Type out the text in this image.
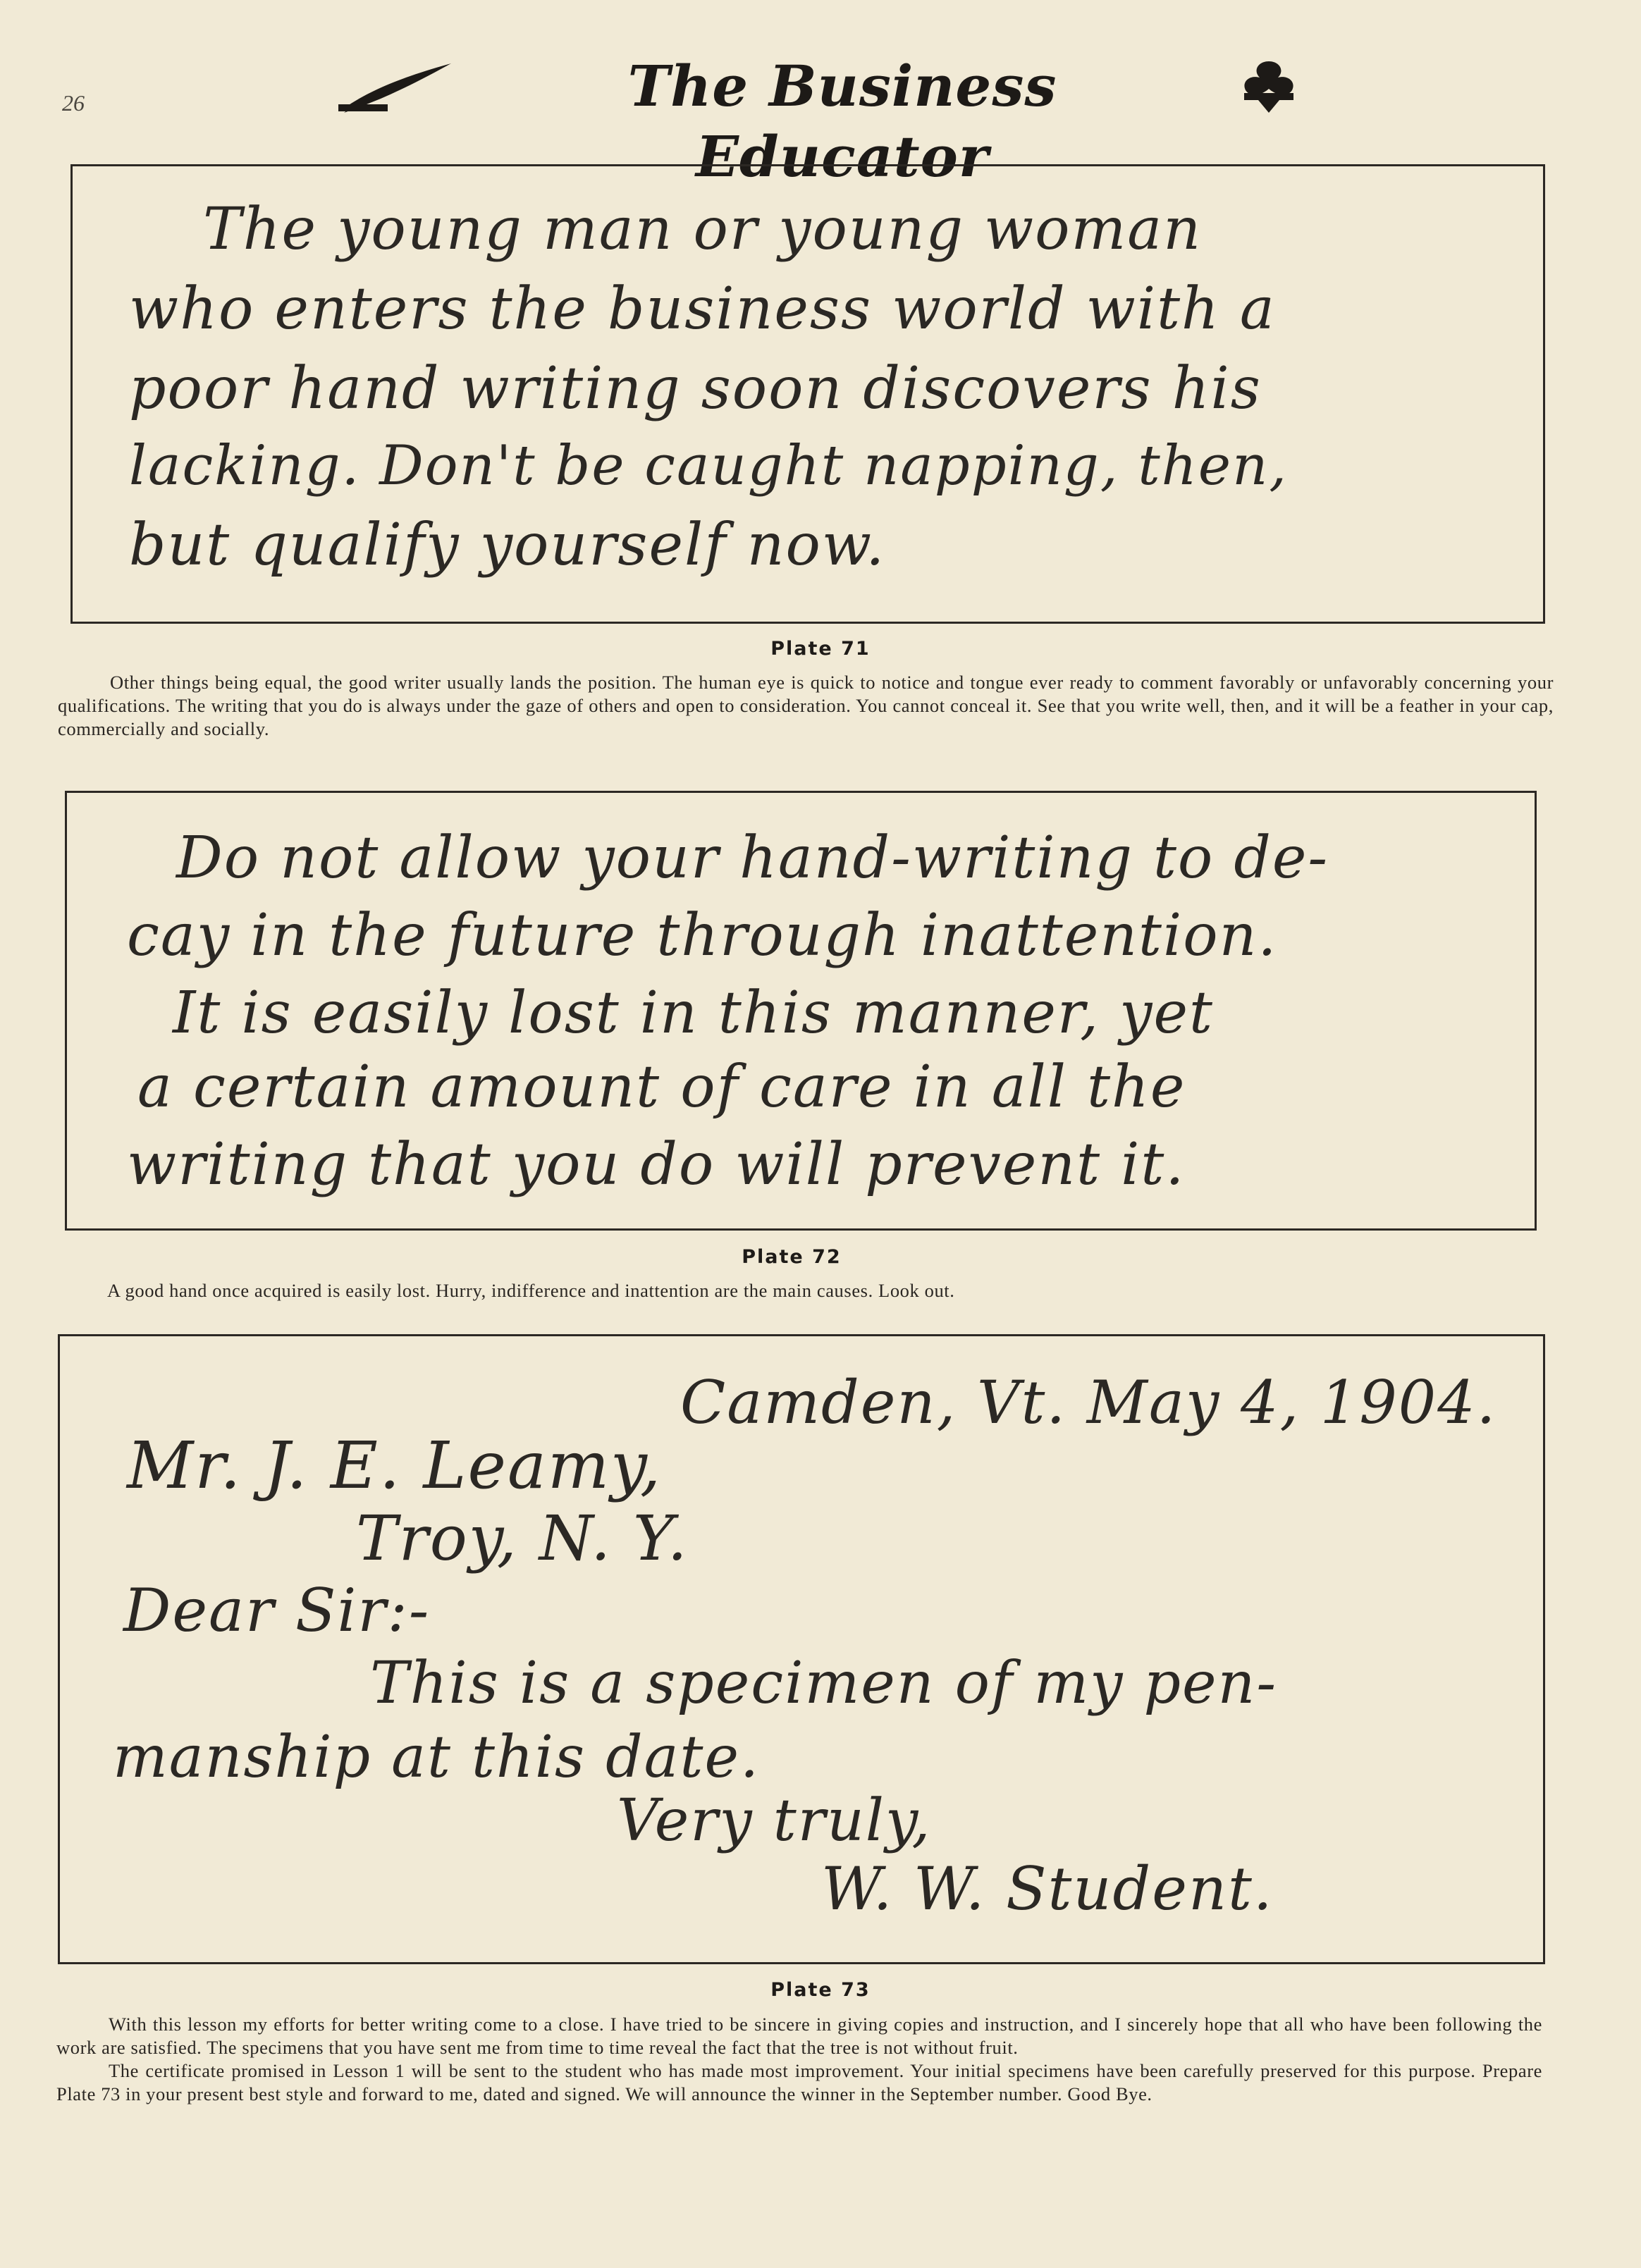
26	The Business Educator
The young man or young woman
who enters the business world with a
poor hand writing soon discovers his
lacking. Don't be caught napping, then,
but qualify yourself now.
Plate 71

Other things being equal, the good writer usually lands the position. The human eye is quick to notice and tongue ever ready to comment favorably or unfavorably concerning your qualifications. The writing that you do is always under the gaze of others and open to consideration. You cannot conceal it. See that you write well, then, and it will be a feather in your cap, commercially and socially.

Do not allow your hand-writing to de-
cay in the future through inattention.
It is easily lost in this manner, yet
a certain amount of care in all the
writing that you do will prevent it.
Plate 72

A good hand once acquired is easily lost. Hurry, indifference and inattention are the main causes. Look out.

Camden, Vt. May 4, 1904.
Mr. J. E. Leamy,
Troy, N. Y.
Dear Sir:-
This is a specimen of my pen-
manship at this date.
Very truly,
W. W. Student.
Plate 73

With this lesson my efforts for better writing come to a close. I have tried to be sincere in giving copies and instruction, and I sincerely hope that all who have been following the work are satisfied. The specimens that you have sent me from time to time reveal the fact that the tree is not without fruit.

The certificate promised in Lesson 1 will be sent to the student who has made most improvement. Your initial specimens have been carefully preserved for this purpose. Prepare Plate 73 in your present best style and forward to me, dated and signed. We will announce the winner in the September number. Good Bye.
